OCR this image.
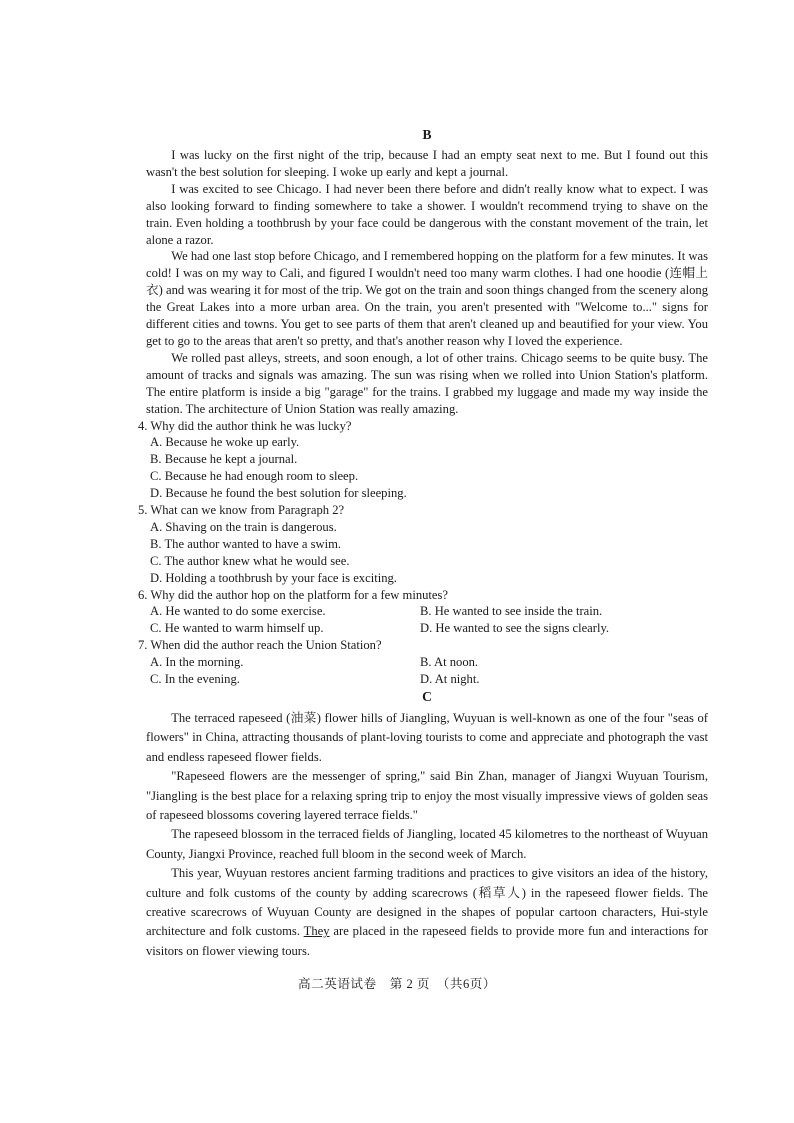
B

I was lucky on the first night of the trip, because I had an empty seat next to me. But I found out this wasn't the best solution for sleeping. I woke up early and kept a journal.

I was excited to see Chicago. I had never been there before and didn't really know what to expect. I was also looking forward to finding somewhere to take a shower. I wouldn't recommend trying to shave on the train. Even holding a toothbrush by your face could be dangerous with the constant movement of the train, let alone a razor.

We had one last stop before Chicago, and I remembered hopping on the platform for a few minutes. It was cold! I was on my way to Cali, and figured I wouldn't need too many warm clothes. I had one hoodie (连帽上衣) and was wearing it for most of the trip. We got on the train and soon things changed from the scenery along the Great Lakes into a more urban area. On the train, you aren't presented with "Welcome to..." signs for different cities and towns. You get to see parts of them that aren't cleaned up and beautified for your view. You get to go to the areas that aren't so pretty, and that's another reason why I loved the experience.

We rolled past alleys, streets, and soon enough, a lot of other trains. Chicago seems to be quite busy. The amount of tracks and signals was amazing. The sun was rising when we rolled into Union Station's platform. The entire platform is inside a big "garage" for the trains. I grabbed my luggage and made my way inside the station. The architecture of Union Station was really amazing.

4. Why did the author think he was lucky?

A. Because he woke up early.

B. Because he kept a journal.

C. Because he had enough room to sleep.

D. Because he found the best solution for sleeping.

5. What can we know from Paragraph 2?

A. Shaving on the train is dangerous.

B. The author wanted to have a swim.

C. The author knew what he would see.

D. Holding a toothbrush by your face is exciting.

6. Why did the author hop on the platform for a few minutes?

A. He wanted to do some exercise.	B. He wanted to see inside the train.

C. He wanted to warm himself up.	D. He wanted to see the signs clearly.

7. When did the author reach the Union Station?

A. In the morning.	B. At noon.

C. In the evening.	D. At night.

C

The terraced rapeseed (油菜) flower hills of Jiangling, Wuyuan is well-known as one of the four "seas of flowers" in China, attracting thousands of plant-loving tourists to come and appreciate and photograph the vast and endless rapeseed flower fields.

"Rapeseed flowers are the messenger of spring," said Bin Zhan, manager of Jiangxi Wuyuan Tourism, "Jiangling is the best place for a relaxing spring trip to enjoy the most visually impressive views of golden seas of rapeseed blossoms covering layered terrace fields."

The rapeseed blossom in the terraced fields of Jiangling, located 45 kilometres to the northeast of Wuyuan County, Jiangxi Province, reached full bloom in the second week of March.

This year, Wuyuan restores ancient farming traditions and practices to give visitors an idea of the history, culture and folk customs of the county by adding scarecrows (稻草人) in the rapeseed flower fields. The creative scarecrows of Wuyuan County are designed in the shapes of popular cartoon characters, Hui-style architecture and folk customs. They are placed in the rapeseed fields to provide more fun and interactions for visitors on flower viewing tours.

高二英语试卷　第 2 页　（共6页）
